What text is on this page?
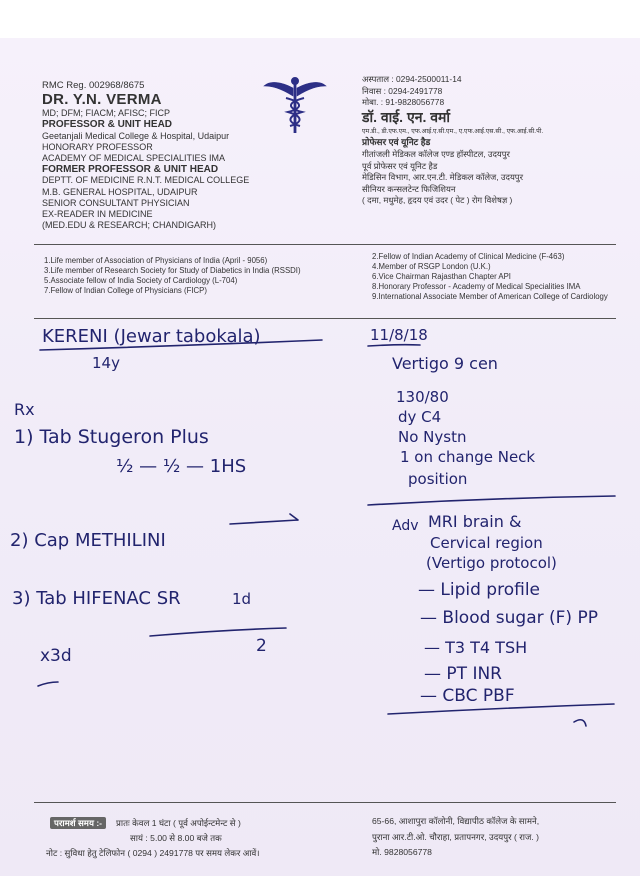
RMC Reg. 002968/8675
DR. Y.N. VERMA
MD; DFM; FIACM; AFISC; FICP
PROFESSOR & UNIT HEAD
Geetanjali Medical College & Hospital, Udaipur
HONORARY PROFESSOR
ACADEMY OF MEDICAL SPECIALITIES IMA
FORMER PROFESSOR & UNIT HEAD
DEPTT. OF MEDICINE R.N.T. MEDICAL COLLEGE
M.B. GENERAL HOSPITAL, UDAIPUR
SENIOR CONSULTANT PHYSICIAN
EX-READER IN MEDICINE
(MED.EDU & RESEARCH; CHANDIGARH)
अस्पताल : 0294-2500011-14
निवास : 0294-2491778
मोबा. : 91-9828056778
डॉ. वाई. एन. वर्मा
एम.डी., डी.एफ.एम., एफ.आई.ए.सी.एम., ए.एफ.आई.एस.सी., एफ.आई.सी.पी.
प्रोफेसर एवं यूनिट हैड
गीतांजली मेडिकल कॉलेज एण्ड हॉस्पीटल, उदयपुर
पूर्व प्रोफेसर एवं यूनिट हैड
मेडिसिन विभाग, आर.एन.टी. मेडिकल कॉलेज, उदयपुर
सीनियर कन्सलटेन्ट फिजिशियन
( दमा, मधुमेह, हृदय एवं उदर ( पेट ) रोग विशेषज्ञ )
1.Life member of Association of Physicians of India (April - 9056)
3.Life member of Research Society for Study of Diabetics in India (RSSDI)
5.Associate fellow of India Society of Cardiology (L-704)
7.Fellow of Indian College of Physicians (FICP)
2.Fellow of Indian Academy of Clinical Medicine (F-463)
4.Member of RSGP London (U.K.)
6.Vice Chairman Rajasthan Chapter API
8.Honorary Professor - Academy of Medical Specialities IMA
9.International Associate Member of American College of Cardiology
KERENI (Jewar tabokala)
14y
11/8/18
Vertigo 9 cen
130/80
dy C4
No Nystn
1 on change Neck
position
Rx
1) Tab Stugeron Plus
½ — ½ — 1HS
2) Cap METHILINI
3) Tab HIFENAC SR	1d
x3d	2
Adv MRI brain &
Cervical region
(Vertigo protocol)
— Lipid profile
— Blood sugar (F) PP
— T3 T4 TSH
— PT INR
— CBC PBF
परामर्श समय :- प्रातः केवल 1 घंटा ( पूर्व अपोईन्टमेन्ट से )
सायं : 5.00 से 8.00 बजे तक
नोट : सुविधा हेतु टेलिफोन ( 0294 ) 2491778 पर समय लेकर आवें।
65-66, आशापुरा कॉलोनी, विद्यापीठ कॉलेज के सामने,
पुराना आर.टी.ओ. चौराहा, प्रतापनगर, उदयपुर ( राज. )
मो. 9828056778
